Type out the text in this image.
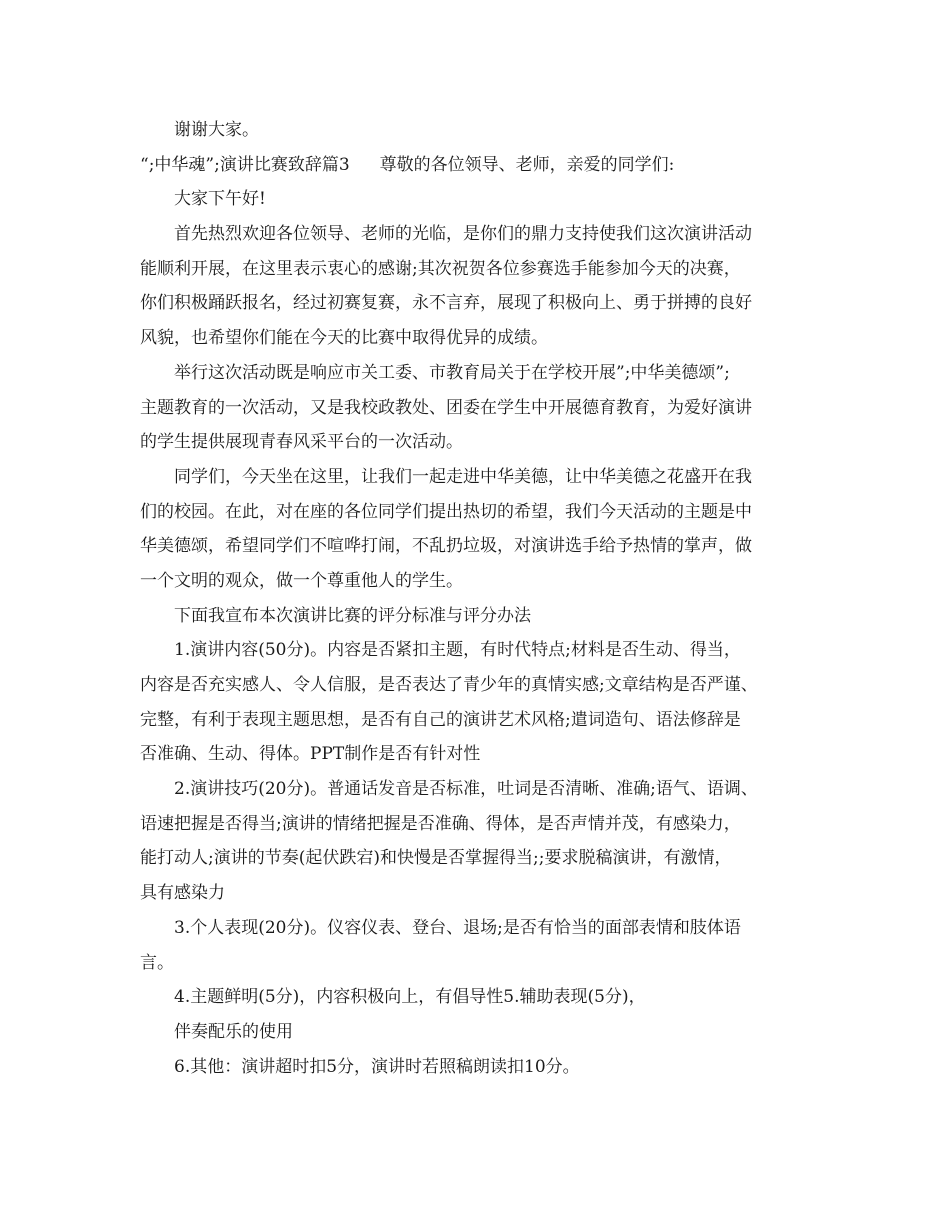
谢谢大家。
“;中华魂”;演讲比赛致辞篇3 尊敬的各位领导、老师，亲爱的同学们:
大家下午好!
首先热烈欢迎各位领导、老师的光临，是你们的鼎力支持使我们这次演讲活动
能顺利开展，在这里表示衷心的感谢;其次祝贺各位参赛选手能参加今天的决赛，
你们积极踊跃报名，经过初赛复赛，永不言弃，展现了积极向上、勇于拼搏的良好
风貌，也希望你们能在今天的比赛中取得优异的成绩。
举行这次活动既是响应市关工委、市教育局关于在学校开展”;中华美德颂”;
主题教育的一次活动，又是我校政教处、团委在学生中开展德育教育，为爱好演讲
的学生提供展现青春风采平台的一次活动。
同学们，今天坐在这里，让我们一起走进中华美德，让中华美德之花盛开在我
们的校园。在此，对在座的各位同学们提出热切的希望，我们今天活动的主题是中
华美德颂，希望同学们不喧哗打闹，不乱扔垃圾，对演讲选手给予热情的掌声，做
一个文明的观众，做一个尊重他人的学生。
下面我宣布本次演讲比赛的评分标准与评分办法
1.演讲内容(50分)。内容是否紧扣主题，有时代特点;材料是否生动、得当，
内容是否充实感人、令人信服，是否表达了青少年的真情实感;文章结构是否严谨、
完整，有利于表现主题思想，是否有自己的演讲艺术风格;遣词造句、语法修辞是
否准确、生动、得体。PPT制作是否有针对性
2.演讲技巧(20分)。普通话发音是否标准，吐词是否清晰、准确;语气、语调、
语速把握是否得当;演讲的情绪把握是否准确、得体，是否声情并茂，有感染力，
能打动人;演讲的节奏(起伏跌宕)和快慢是否掌握得当;;要求脱稿演讲，有激情，
具有感染力
3.个人表现(20分)。仪容仪表、登台、退场;是否有恰当的面部表情和肢体语
言。
4.主题鲜明(5分)，内容积极向上，有倡导性5.辅助表现(5分)，
伴奏配乐的使用
6.其他：演讲超时扣5分，演讲时若照稿朗读扣10分。
